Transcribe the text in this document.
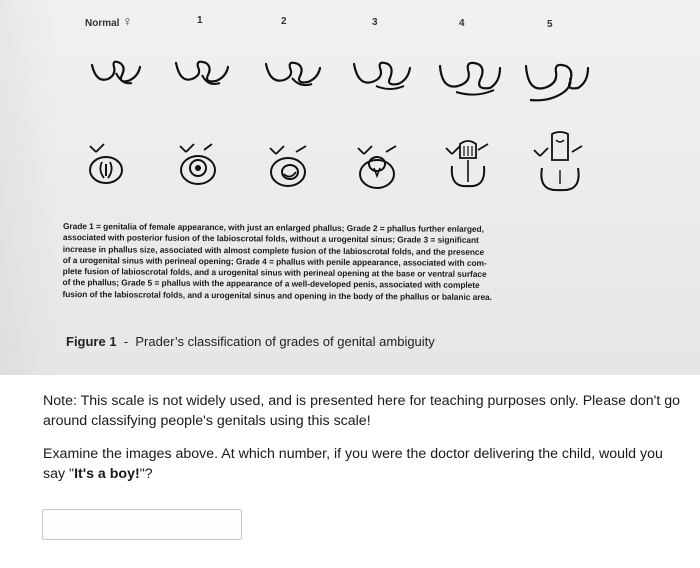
Normal ♀	1	2	3	4	5
Grade 1 = genitalia of female appearance, with just an enlarged phallus; Grade 2 = phallus further enlarged,
associated with posterior fusion of the labioscrotal folds, without a urogenital sinus; Grade 3 = significant
increase in phallus size, associated with almost complete fusion of the labioscrotal folds, and the presence
of a urogenital sinus with perineal opening; Grade 4 = phallus with penile appearance, associated with com-
plete fusion of labioscrotal folds, and a urogenital sinus with perineal opening at the base or ventral surface
of the phallus; Grade 5 = phallus with the appearance of a well-developed penis, associated with complete
fusion of the labioscrotal folds, and a urogenital sinus and opening in the body of the phallus or balanic area.
Figure 1 - Prader’s classification of grades of genital ambiguity
Note: This scale is not widely used, and is presented here for teaching purposes only. Please don't go around classifying people's genitals using this scale!
Examine the images above. At which number, if you were the doctor delivering the child, would you say "It's a boy!"?
